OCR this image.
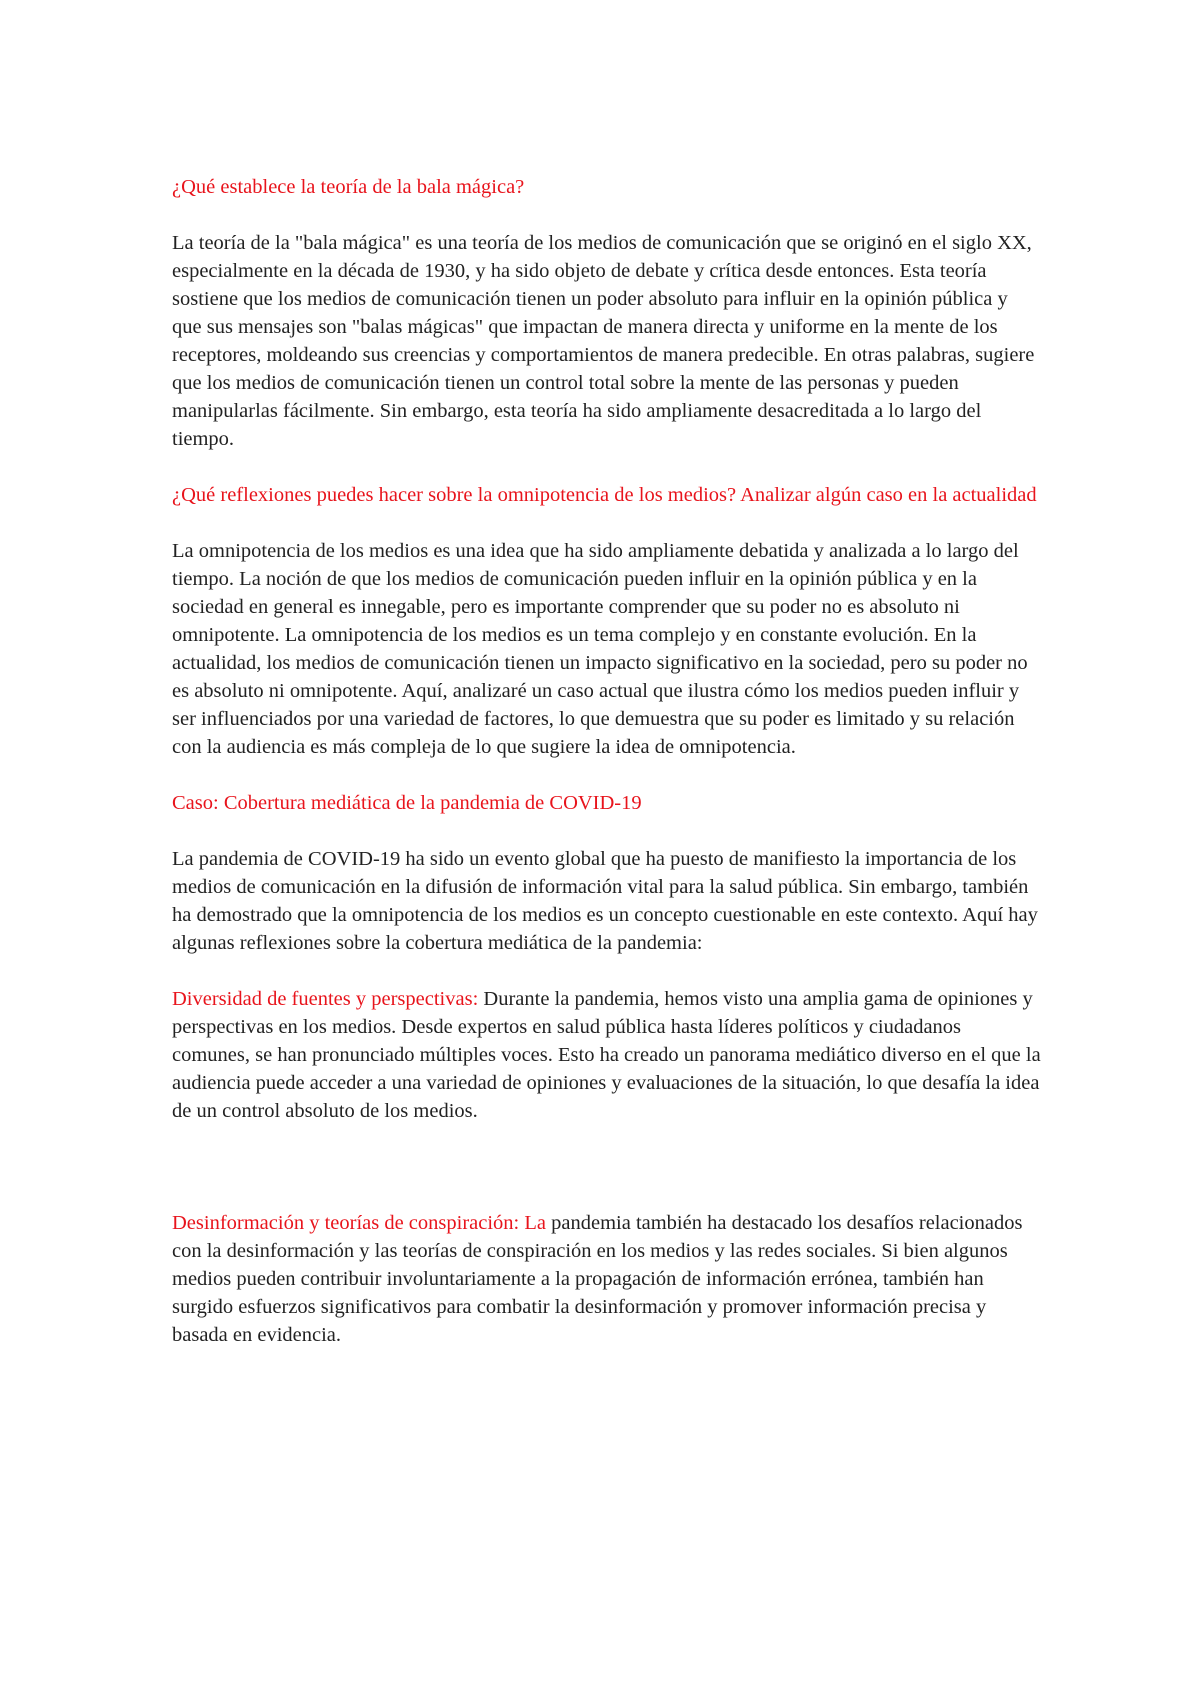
¿Qué establece la teoría de la bala mágica?

La teoría de la "bala mágica" es una teoría de los medios de comunicación que se originó en el siglo XX, especialmente en la década de 1930, y ha sido objeto de debate y crítica desde entonces. Esta teoría sostiene que los medios de comunicación tienen un poder absoluto para influir en la opinión pública y que sus mensajes son "balas mágicas" que impactan de manera directa y uniforme en la mente de los receptores, moldeando sus creencias y comportamientos de manera predecible. En otras palabras, sugiere que los medios de comunicación tienen un control total sobre la mente de las personas y pueden manipularlas fácilmente. Sin embargo, esta teoría ha sido ampliamente desacreditada a lo largo del tiempo.

¿Qué reflexiones puedes hacer sobre la omnipotencia de los medios? Analizar algún caso en la actualidad

La omnipotencia de los medios es una idea que ha sido ampliamente debatida y analizada a lo largo del tiempo. La noción de que los medios de comunicación pueden influir en la opinión pública y en la sociedad en general es innegable, pero es importante comprender que su poder no es absoluto ni omnipotente. La omnipotencia de los medios es un tema complejo y en constante evolución. En la actualidad, los medios de comunicación tienen un impacto significativo en la sociedad, pero su poder no es absoluto ni omnipotente. Aquí, analizaré un caso actual que ilustra cómo los medios pueden influir y ser influenciados por una variedad de factores, lo que demuestra que su poder es limitado y su relación con la audiencia es más compleja de lo que sugiere la idea de omnipotencia.

Caso: Cobertura mediática de la pandemia de COVID-19

La pandemia de COVID-19 ha sido un evento global que ha puesto de manifiesto la importancia de los medios de comunicación en la difusión de información vital para la salud pública. Sin embargo, también ha demostrado que la omnipotencia de los medios es un concepto cuestionable en este contexto. Aquí hay algunas reflexiones sobre la cobertura mediática de la pandemia:

Diversidad de fuentes y perspectivas: Durante la pandemia, hemos visto una amplia gama de opiniones y perspectivas en los medios. Desde expertos en salud pública hasta líderes políticos y ciudadanos comunes, se han pronunciado múltiples voces. Esto ha creado un panorama mediático diverso en el que la audiencia puede acceder a una variedad de opiniones y evaluaciones de la situación, lo que desafía la idea de un control absoluto de los medios.

Desinformación y teorías de conspiración: La pandemia también ha destacado los desafíos relacionados con la desinformación y las teorías de conspiración en los medios y las redes sociales. Si bien algunos medios pueden contribuir involuntariamente a la propagación de información errónea, también han surgido esfuerzos significativos para combatir la desinformación y promover información precisa y basada en evidencia.
